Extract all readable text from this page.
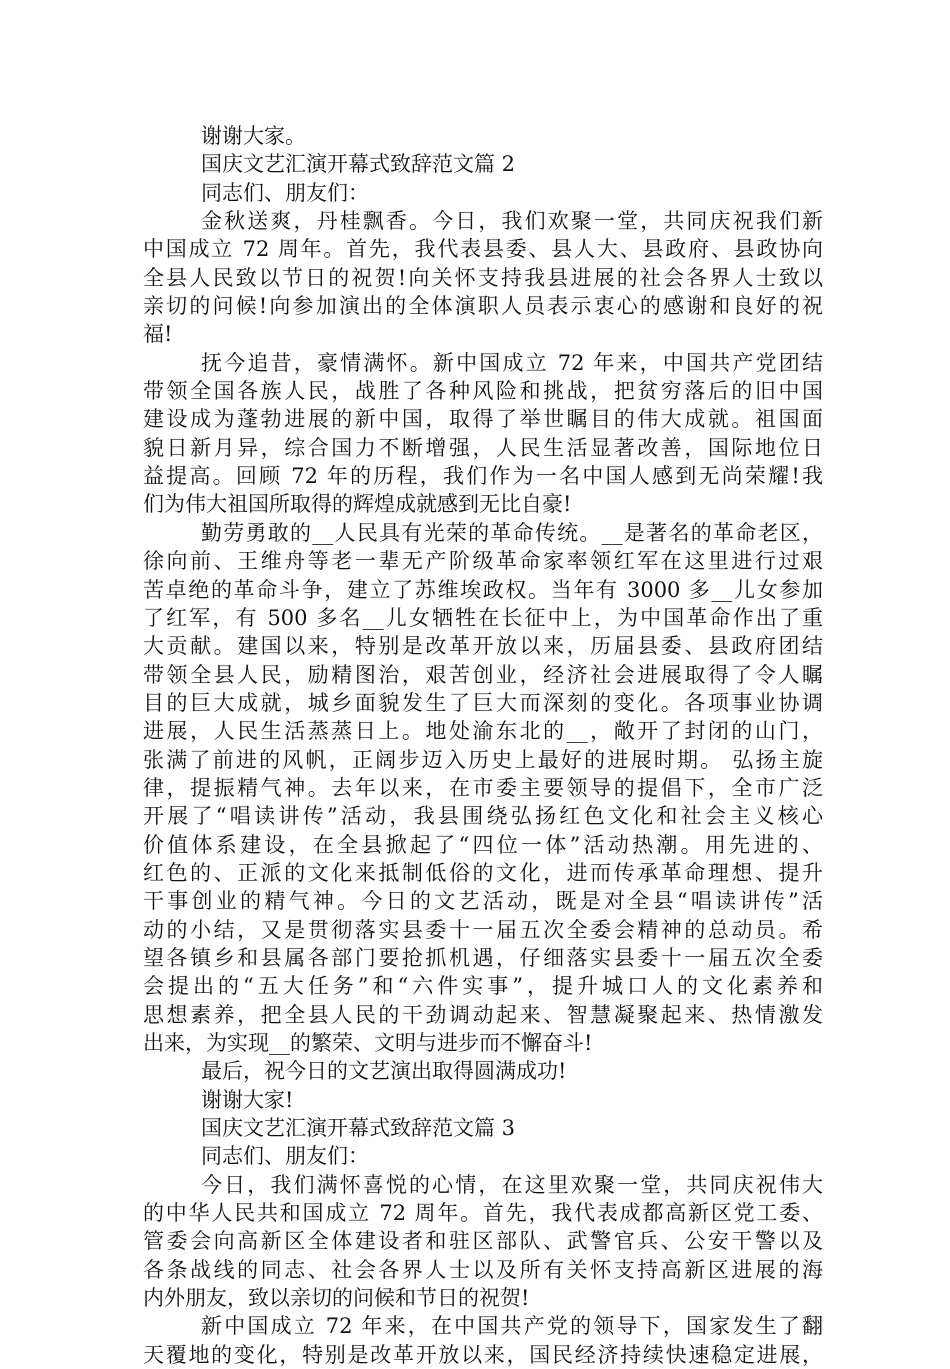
谢谢大家。
国庆文艺汇演开幕式致辞范文篇 2
同志们、朋友们：
金秋送爽，丹桂飘香。今日，我们欢聚一堂，共同庆祝我们新
中国成立 72 周年。首先，我代表县委、县人大、县政府、县政协向
全县人民致以节日的祝贺!向关怀支持我县进展的社会各界人士致以
亲切的问候!向参加演出的全体演职人员表示衷心的感谢和良好的祝
福!
抚今追昔，豪情满怀。新中国成立 72 年来，中国共产党团结
带领全国各族人民，战胜了各种风险和挑战，把贫穷落后的旧中国
建设成为蓬勃进展的新中国，取得了举世瞩目的伟大成就。祖国面
貌日新月异，综合国力不断增强，人民生活显著改善，国际地位日
益提高。回顾 72 年的历程，我们作为一名中国人感到无尚荣耀!我
们为伟大祖国所取得的辉煌成就感到无比自豪!
勤劳勇敢的__人民具有光荣的革命传统。__是著名的革命老区，
徐向前、王维舟等老一辈无产阶级革命家率领红军在这里进行过艰
苦卓绝的革命斗争，建立了苏维埃政权。当年有 3000 多__儿女参加
了红军，有 500 多名__儿女牺牲在长征中上，为中国革命作出了重
大贡献。建国以来，特别是改革开放以来，历届县委、县政府团结
带领全县人民，励精图治，艰苦创业，经济社会进展取得了令人瞩
目的巨大成就，城乡面貌发生了巨大而深刻的变化。各项事业协调
进展，人民生活蒸蒸日上。地处渝东北的__，敞开了封闭的山门，
张满了前进的风帆，正阔步迈入历史上最好的进展时期。 弘扬主旋
律，提振精气神。去年以来，在市委主要领导的提倡下，全市广泛
开展了“唱读讲传”活动，我县围绕弘扬红色文化和社会主义核心
价值体系建设，在全县掀起了“四位一体”活动热潮。用先进的、
红色的、正派的文化来抵制低俗的文化，进而传承革命理想、提升
干事创业的精气神。今日的文艺活动，既是对全县“唱读讲传”活
动的小结，又是贯彻落实县委十一届五次全委会精神的总动员。希
望各镇乡和县属各部门要抢抓机遇，仔细落实县委十一届五次全委
会提出的“五大任务”和“六件实事”，提升城口人的文化素养和
思想素养，把全县人民的干劲调动起来、智慧凝聚起来、热情激发
出来，为实现__的繁荣、文明与进步而不懈奋斗!
最后，祝今日的文艺演出取得圆满成功!
谢谢大家!
国庆文艺汇演开幕式致辞范文篇 3
同志们、朋友们：
今日，我们满怀喜悦的心情，在这里欢聚一堂，共同庆祝伟大
的中华人民共和国成立 72 周年。首先，我代表成都高新区党工委、
管委会向高新区全体建设者和驻区部队、武警官兵、公安干警以及
各条战线的同志、社会各界人士以及所有关怀支持高新区进展的海
内外朋友，致以亲切的问候和节日的祝贺!
新中国成立 72 年来，在中国共产党的领导下，国家发生了翻
天覆地的变化，特别是改革开放以来，国民经济持续快速稳定进展，
